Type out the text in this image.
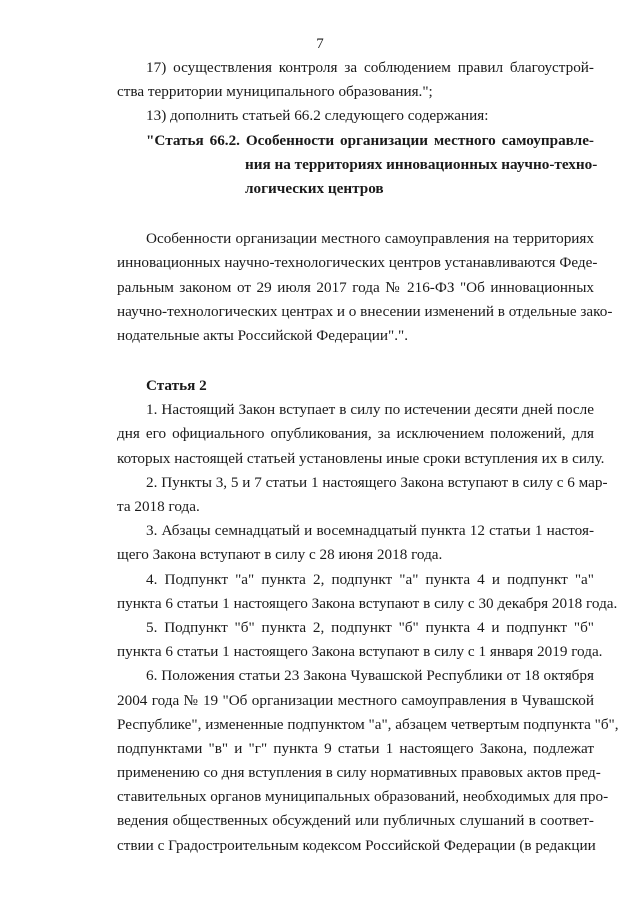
7
17) осуществления контроля за соблюдением правил благоустрой-
ства территории муниципального образования.";
13) дополнить статьей 66.2 следующего содержания:
"Статья 66.2. Особенности организации местного самоуправле-
ния на территориях инновационных научно-техно-
логических центров
Особенности организации местного самоуправления на территориях
инновационных научно-технологических центров устанавливаются Феде-
ральным законом от 29 июля 2017 года № 216-ФЗ "Об инновационных
научно-технологических центрах и о внесении изменений в отдельные зако-
нодательные акты Российской Федерации".".
Статья 2
1. Настоящий Закон вступает в силу по истечении десяти дней после
дня его официального опубликования, за исключением положений, для
которых настоящей статьей установлены иные сроки вступления их в силу.
2. Пункты 3, 5 и 7 статьи 1 настоящего Закона вступают в силу с 6 мар-
та 2018 года.
3. Абзацы семнадцатый и восемнадцатый пункта 12 статьи 1 настоя-
щего Закона вступают в силу с 28 июня 2018 года.
4. Подпункт "а" пункта 2, подпункт "а" пункта 4 и подпункт "а"
пункта 6 статьи 1 настоящего Закона вступают в силу с 30 декабря 2018 года.
5. Подпункт "б" пункта 2, подпункт "б" пункта 4 и подпункт "б"
пункта 6 статьи 1 настоящего Закона вступают в силу с 1 января 2019 года.
6. Положения статьи 23 Закона Чувашской Республики от 18 октября
2004 года № 19 "Об организации местного самоуправления в Чувашской
Республике", измененные подпунктом "а", абзацем четвертым подпункта "б",
подпунктами "в" и "г" пункта 9 статьи 1 настоящего Закона, подлежат
применению со дня вступления в силу нормативных правовых актов пред-
ставительных органов муниципальных образований, необходимых для про-
ведения общественных обсуждений или публичных слушаний в соответ-
ствии с Градостроительным кодексом Российской Федерации (в редакции
